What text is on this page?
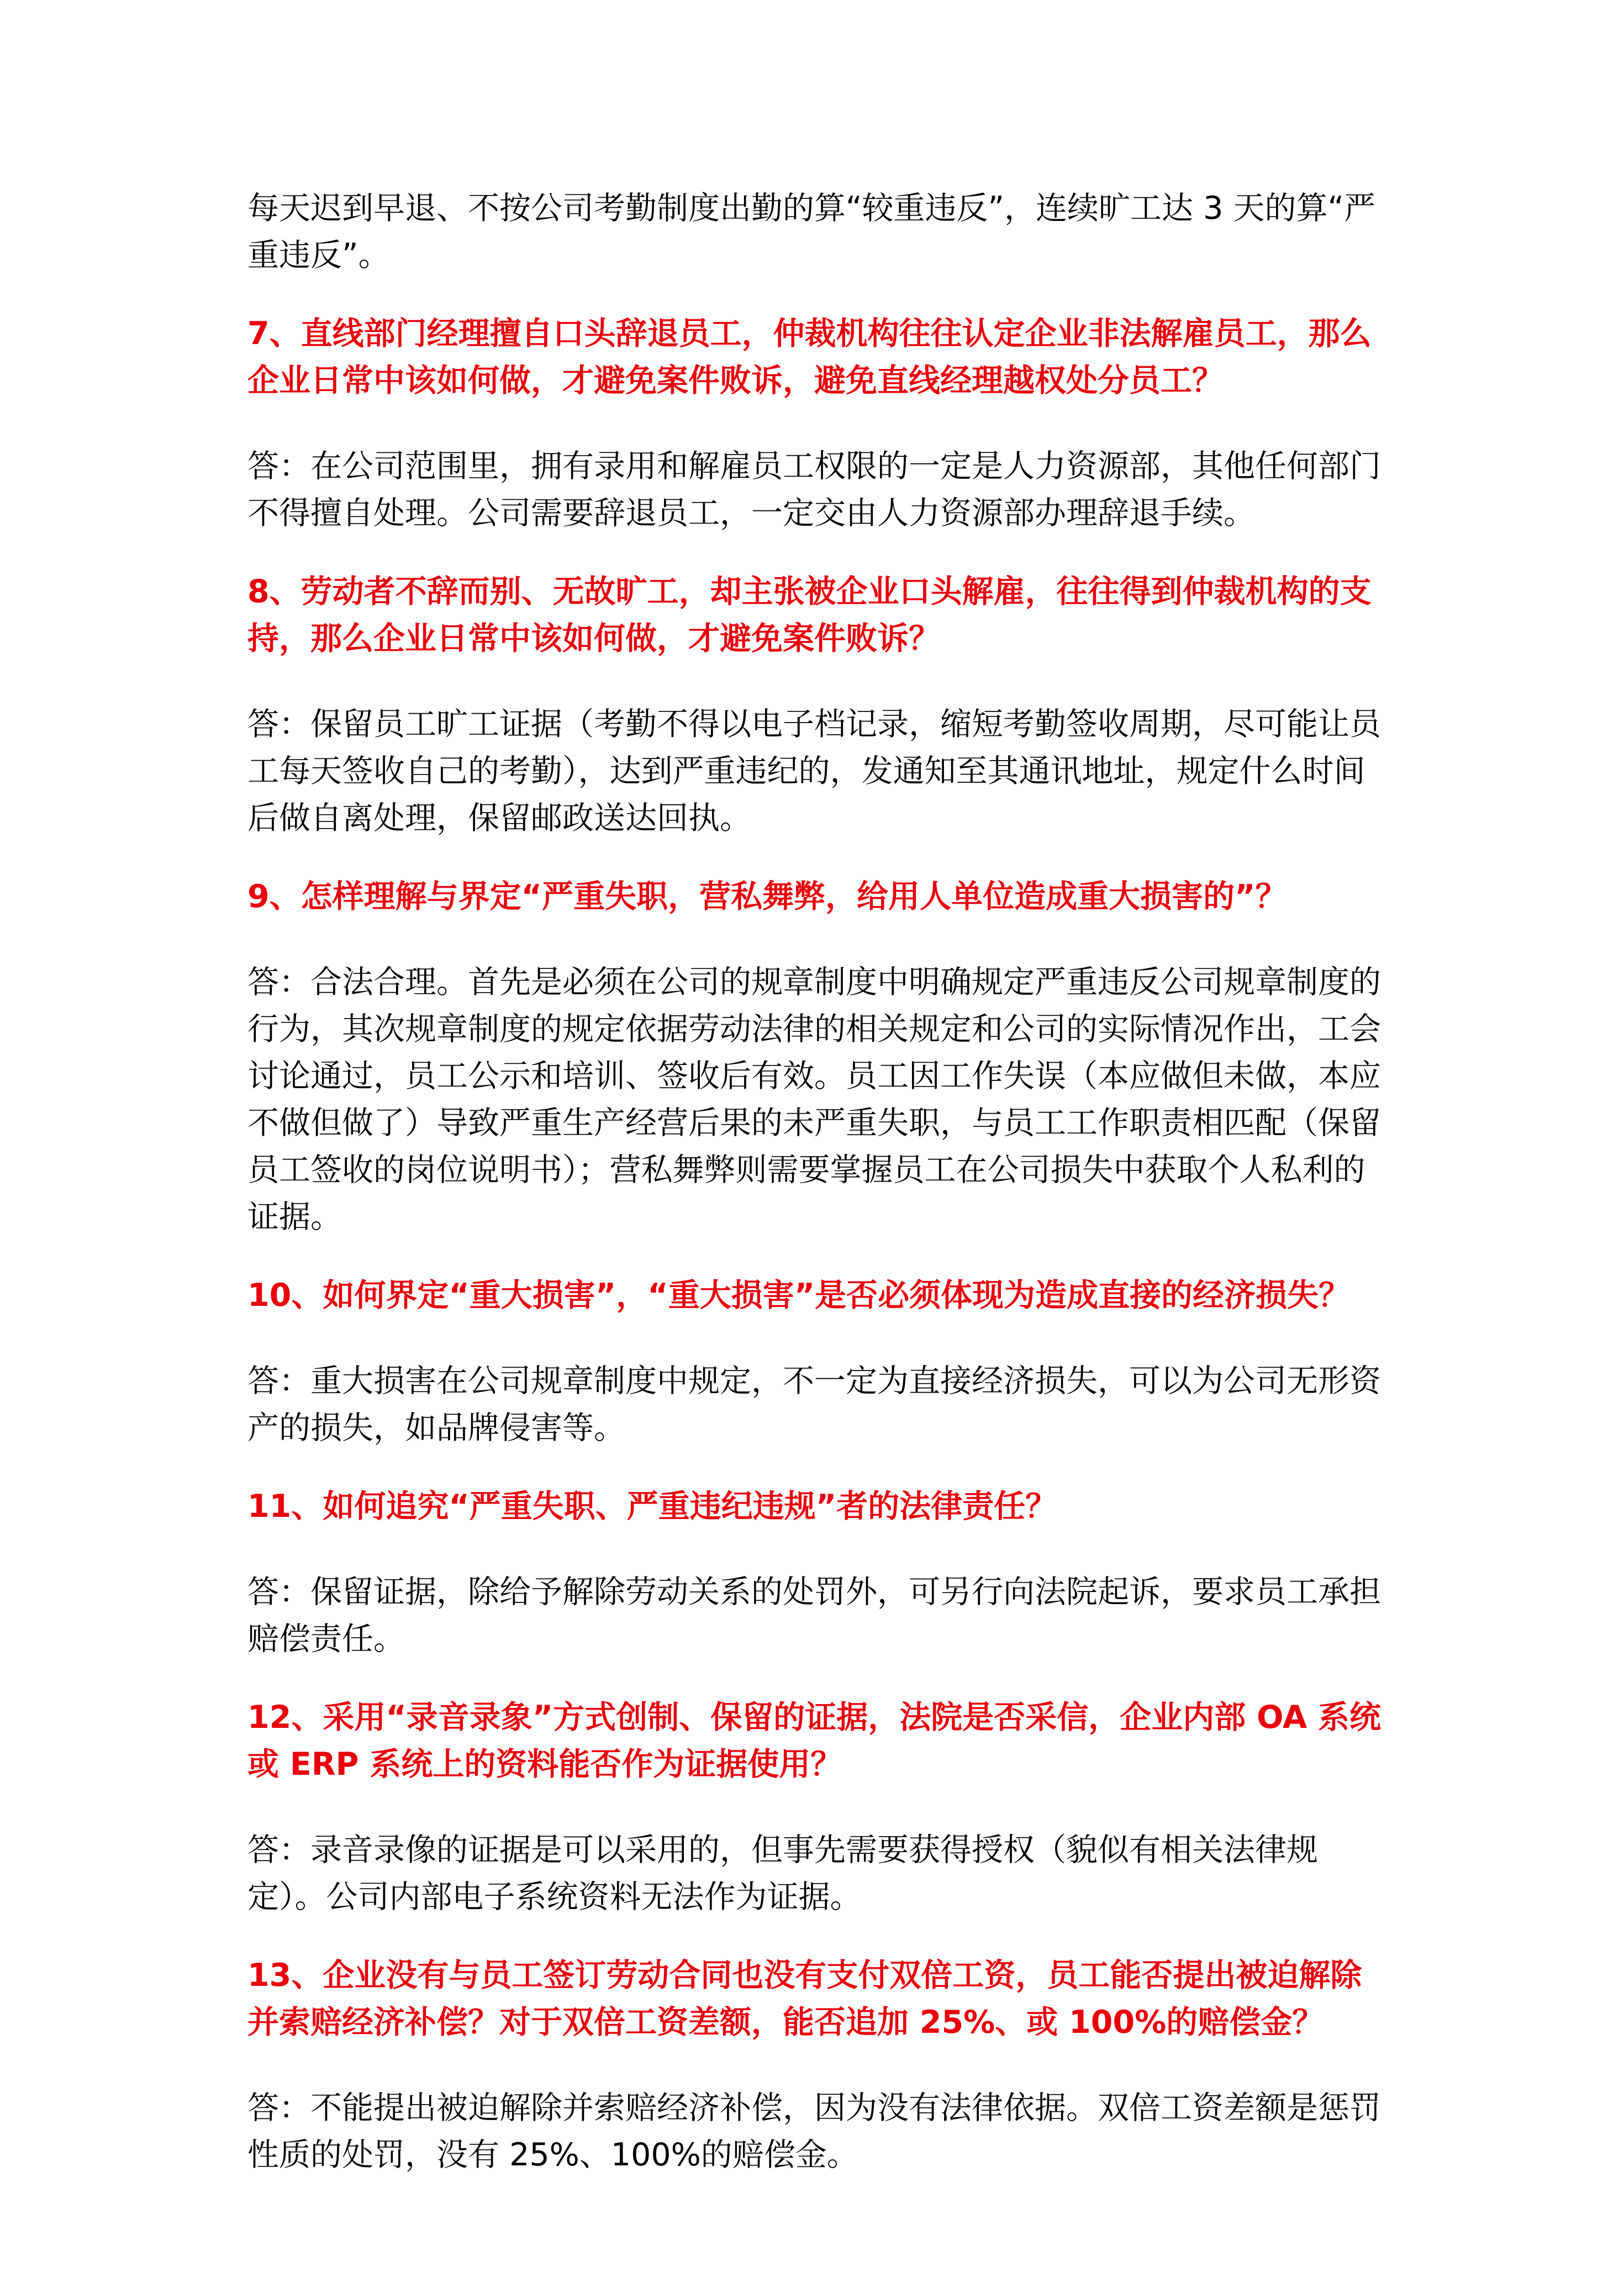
每天迟到早退、不按公司考勤制度出勤的算“较重违反”，连续旷工达 3 天的算“严重违反”。

7、直线部门经理擅自口头辞退员工，仲裁机构往往认定企业非法解雇员工，那么企业日常中该如何做，才避免案件败诉，避免直线经理越权处分员工？

答：在公司范围里，拥有录用和解雇员工权限的一定是人力资源部，其他任何部门不得擅自处理。公司需要辞退员工，一定交由人力资源部办理辞退手续。

8、劳动者不辞而别、无故旷工，却主张被企业口头解雇，往往得到仲裁机构的支持，那么企业日常中该如何做，才避免案件败诉？

答：保留员工旷工证据（考勤不得以电子档记录，缩短考勤签收周期，尽可能让员工每天签收自己的考勤），达到严重违纪的，发通知至其通讯地址，规定什么时间后做自离处理，保留邮政送达回执。

9、怎样理解与界定“严重失职，营私舞弊，给用人单位造成重大损害的”？

答：合法合理。首先是必须在公司的规章制度中明确规定严重违反公司规章制度的行为，其次规章制度的规定依据劳动法律的相关规定和公司的实际情况作出，工会讨论通过，员工公示和培训、签收后有效。员工因工作失误（本应做但未做，本应不做但做了）导致严重生产经营后果的未严重失职，与员工工作职责相匹配（保留员工签收的岗位说明书）；营私舞弊则需要掌握员工在公司损失中获取个人私利的证据。

10、如何界定“重大损害”，“重大损害”是否必须体现为造成直接的经济损失？

答：重大损害在公司规章制度中规定，不一定为直接经济损失，可以为公司无形资产的损失，如品牌侵害等。

11、如何追究“严重失职、严重违纪违规”者的法律责任？

答：保留证据，除给予解除劳动关系的处罚外，可另行向法院起诉，要求员工承担赔偿责任。

12、采用“录音录象”方式创制、保留的证据，法院是否采信，企业内部 OA 系统或 ERP 系统上的资料能否作为证据使用？

答：录音录像的证据是可以采用的，但事先需要获得授权（貌似有相关法律规定）。公司内部电子系统资料无法作为证据。

13、企业没有与员工签订劳动合同也没有支付双倍工资，员工能否提出被迫解除并索赔经济补偿？对于双倍工资差额，能否追加 25%、或 100%的赔偿金？

答：不能提出被迫解除并索赔经济补偿，因为没有法律依据。双倍工资差额是惩罚性质的处罚，没有 25%、100%的赔偿金。
